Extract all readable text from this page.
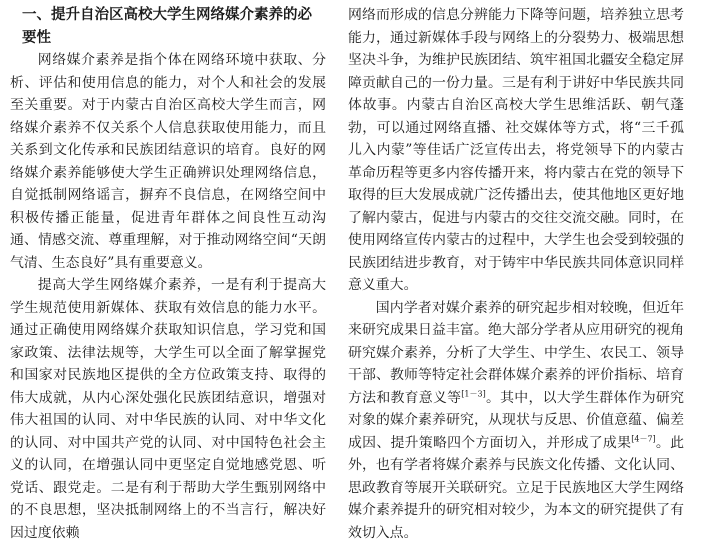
一、提升自治区高校大学生网络媒介素养的必要性

网络媒介素养是指个体在网络环境中获取、分析、评估和使用信息的能力，对个人和社会的发展至关重要。对于内蒙古自治区高校大学生而言，网络媒介素养不仅关系个人信息获取使用能力，而且关系到文化传承和民族团结意识的培育。良好的网络媒介素养能够使大学生正确辨识处理网络信息，自觉抵制网络谣言，摒弃不良信息，在网络空间中积极传播正能量，促进青年群体之间良性互动沟通、情感交流、尊重理解，对于推动网络空间“天朗气清、生态良好”具有重要意义。

提高大学生网络媒介素养，一是有利于提高大学生规范使用新媒体、获取有效信息的能力水平。通过正确使用网络媒介获取知识信息，学习党和国家政策、法律法规等，大学生可以全面了解掌握党和国家对民族地区提供的全方位政策支持、取得的伟大成就，从内心深处强化民族团结意识，增强对伟大祖国的认同、对中华民族的认同、对中华文化的认同、对中国共产党的认同、对中国特色社会主义的认同，在增强认同中更坚定自觉地感党恩、听党话、跟党走。二是有利于帮助大学生甄别网络中的不良思想，坚决抵制网络上的不当言行，解决好因过度依赖

网络而形成的信息分辨能力下降等问题，培养独立思考能力，通过新媒体手段与网络上的分裂势力、极端思想坚决斗争，为维护民族团结、筑牢祖国北疆安全稳定屏障贡献自己的一份力量。三是有利于讲好中华民族共同体故事。内蒙古自治区高校大学生思维活跃、朝气蓬勃，可以通过网络直播、社交媒体等方式，将“三千孤儿入内蒙”等佳话广泛宣传出去，将党领导下的内蒙古革命历程等更多内容传播开来，将内蒙古在党的领导下取得的巨大发展成就广泛传播出去，使其他地区更好地了解内蒙古，促进与内蒙古的交往交流交融。同时，在使用网络宣传内蒙古的过程中，大学生也会受到较强的民族团结进步教育，对于铸牢中华民族共同体意识同样意义重大。

国内学者对媒介素养的研究起步相对较晚，但近年来研究成果日益丰富。绝大部分学者从应用研究的视角研究媒介素养，分析了大学生、中学生、农民工、领导干部、教师等特定社会群体媒介素养的评价指标、培育方法和教育意义等[1－3]。其中，以大学生群体作为研究对象的媒介素养研究，从现状与反思、价值意蕴、偏差成因、提升策略四个方面切入，并形成了成果[4－7]。此外，也有学者将媒介素养与民族文化传播、文化认同、思政教育等展开关联研究。立足于民族地区大学生网络媒介素养提升的研究相对较少，为本文的研究提供了有效切入点。
